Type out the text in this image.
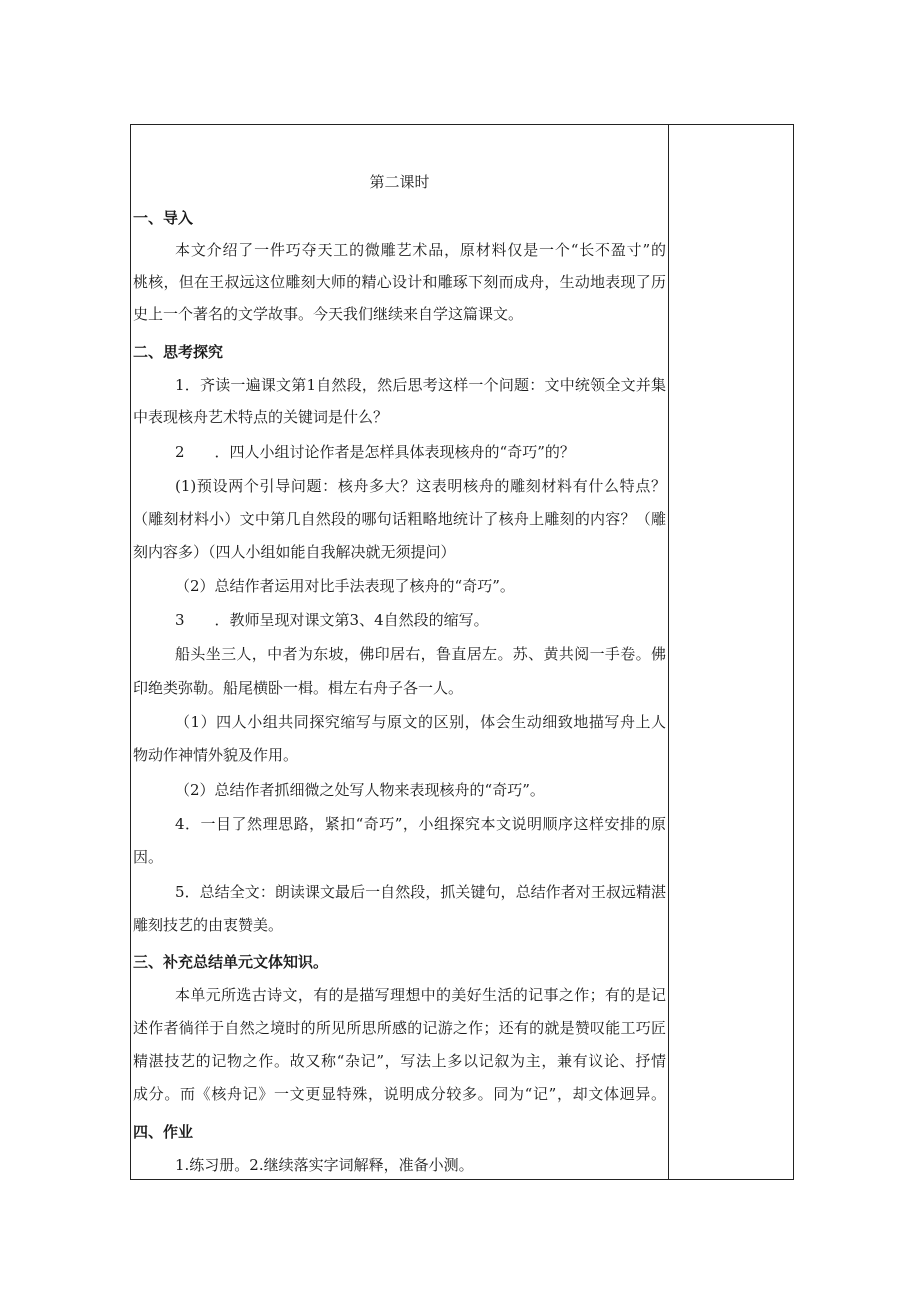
第二课时
一、导入
本文介绍了一件巧夺天工的微雕艺术品，原材料仅是一个“长不盈寸”的
桃核，但在王叔远这位雕刻大师的精心设计和雕琢下刻而成舟，生动地表现了历
史上一个著名的文学故事。今天我们继续来自学这篇课文。
二、思考探究
1．齐读一遍课文第1自然段，然后思考这样一个问题：文中统领全文并集
中表现核舟艺术特点的关键词是什么？
2　　．四人小组讨论作者是怎样具体表现核舟的“奇巧”的？
(1)预设两个引导问题：核舟多大？这表明核舟的雕刻材料有什么特点？
（雕刻材料小）文中第几自然段的哪句话粗略地统计了核舟上雕刻的内容？（雕
刻内容多）（四人小组如能自我解决就无须提问）
（2）总结作者运用对比手法表现了核舟的“奇巧”。
3　　．教师呈现对课文第3、4自然段的缩写。
船头坐三人，中者为东坡，佛印居右，鲁直居左。苏、黄共阅一手卷。佛
印绝类弥勒。船尾横卧一楫。楫左右舟子各一人。
（1）四人小组共同探究缩写与原文的区别，体会生动细致地描写舟上人
物动作神情外貌及作用。
（2）总结作者抓细微之处写人物来表现核舟的“奇巧”。
4．一目了然理思路，紧扣“奇巧”，小组探究本文说明顺序这样安排的原
因。
5．总结全文：朗读课文最后一自然段，抓关键句，总结作者对王叔远精湛
雕刻技艺的由衷赞美。
三、补充总结单元文体知识。
本单元所选古诗文，有的是描写理想中的美好生活的记事之作；有的是记
述作者徜徉于自然之境时的所见所思所感的记游之作；还有的就是赞叹能工巧匠
精湛技艺的记物之作。故又称“杂记”，写法上多以记叙为主，兼有议论、抒情
成分。而《核舟记》一文更显特殊，说明成分较多。同为“记”，却文体迥异。
四、作业
1.练习册。2.继续落实字词解释，准备小测。
